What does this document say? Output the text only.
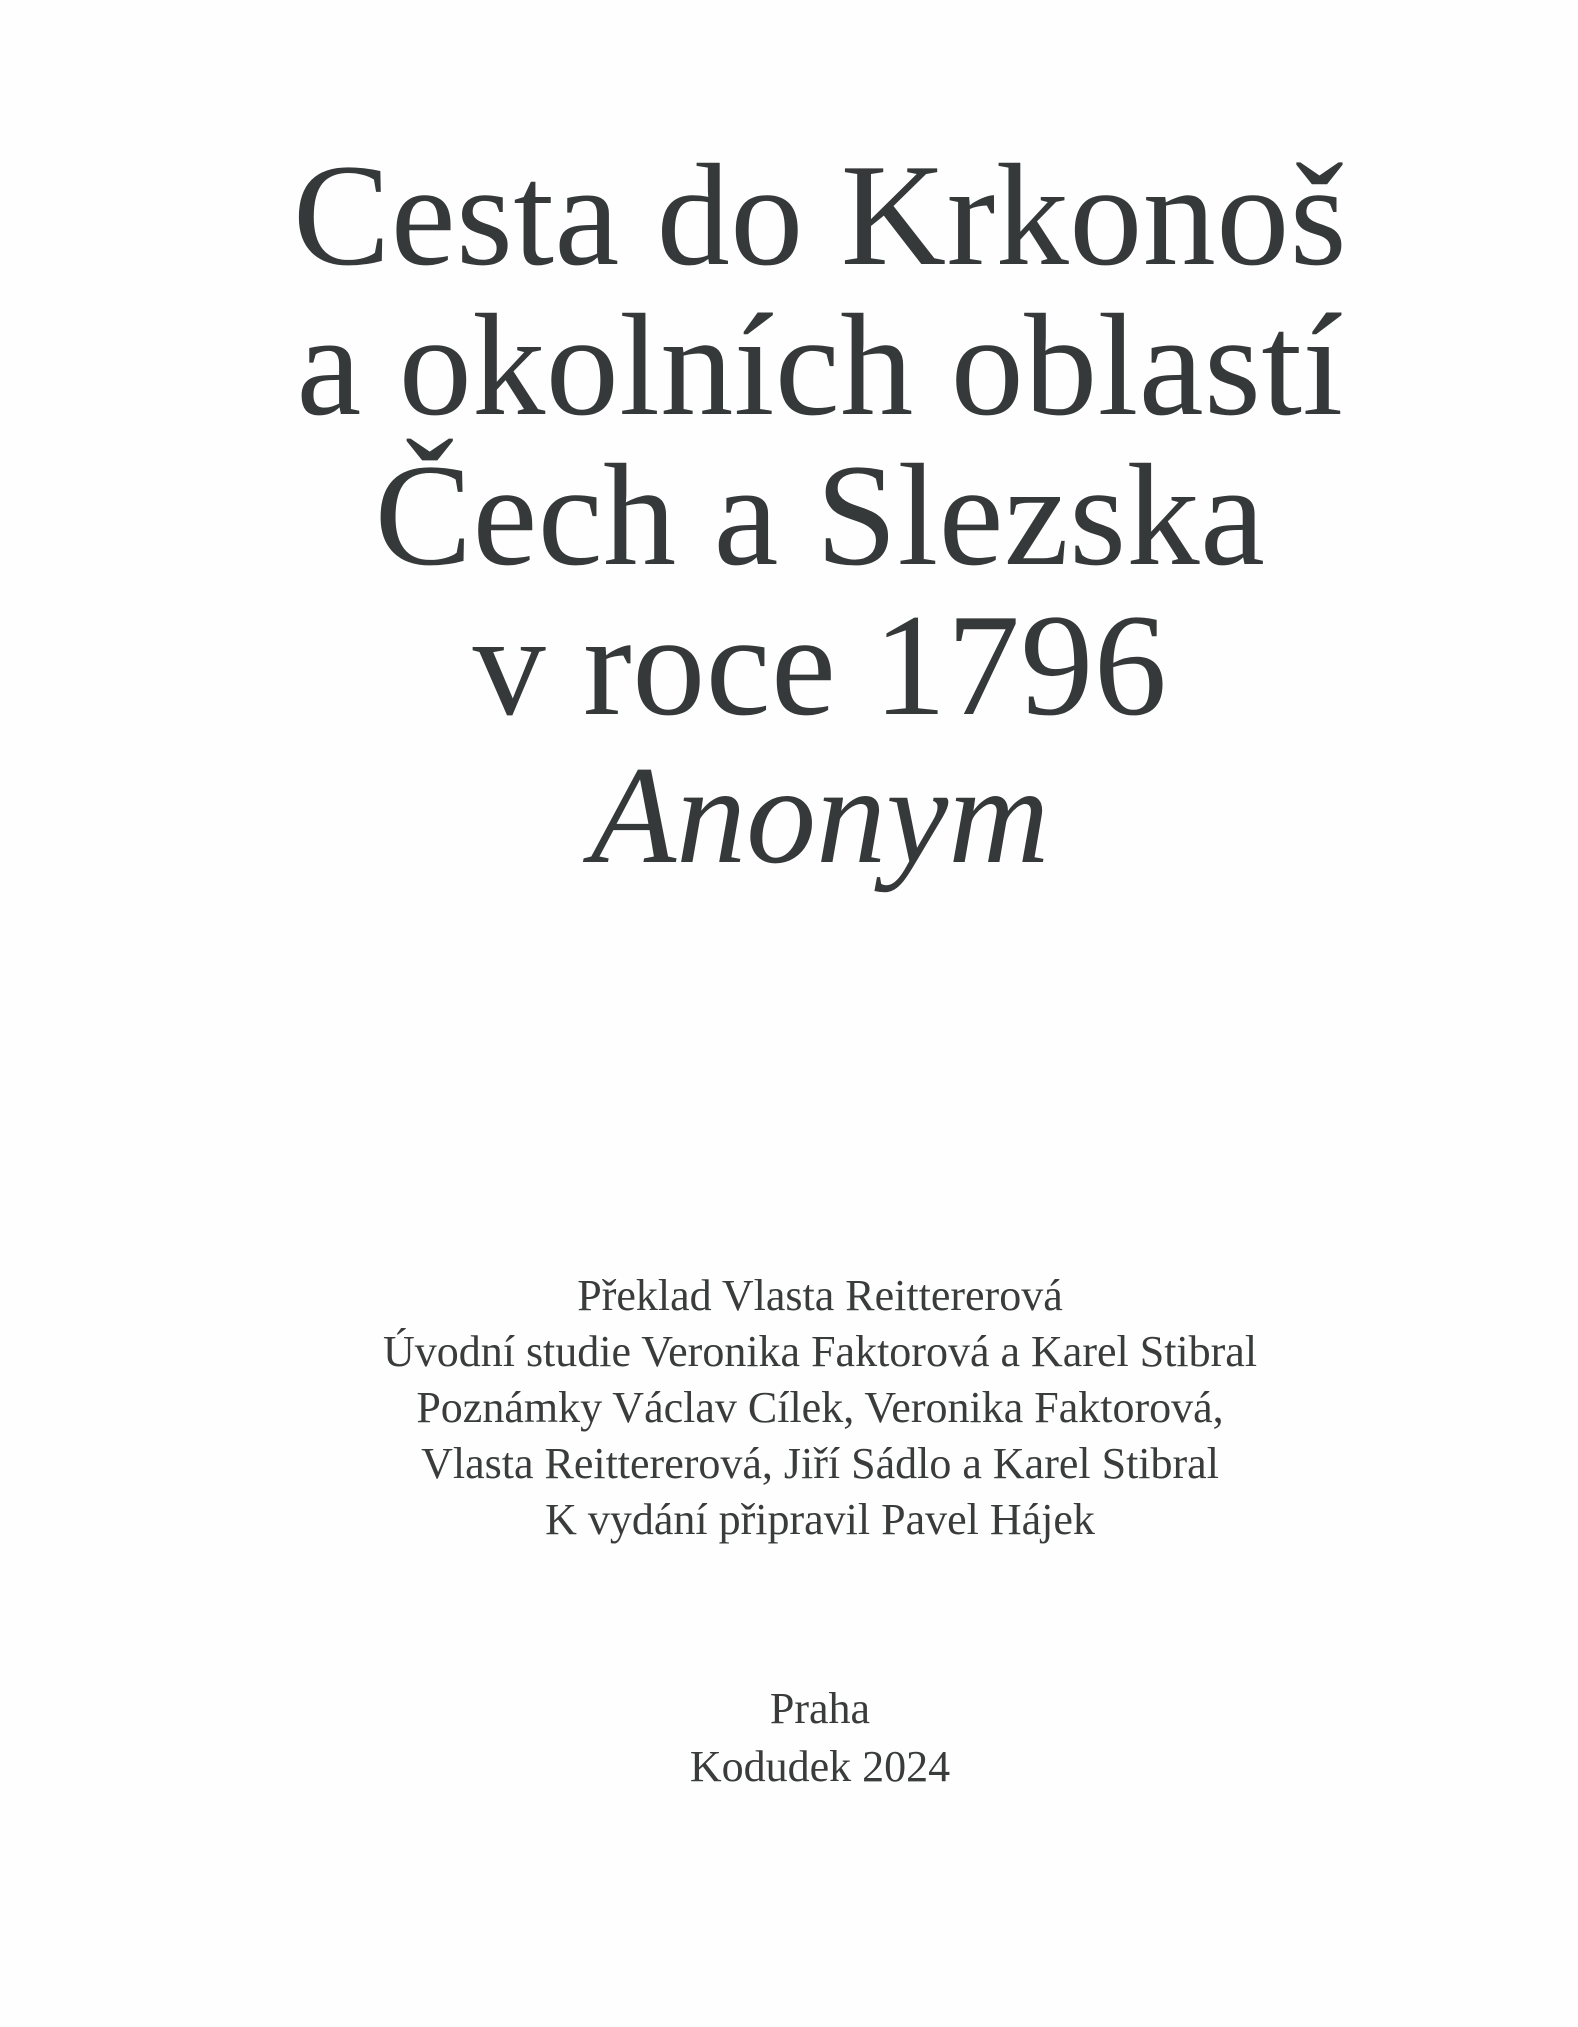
Cesta do Krkonoš
a okolních oblastí
Čech a Slezska
v roce 1796
Anonym
Překlad Vlasta Reittererová
Úvodní studie Veronika Faktorová a Karel Stibral
Poznámky Václav Cílek, Veronika Faktorová,
Vlasta Reittererová, Jiří Sádlo a Karel Stibral
K vydání připravil Pavel Hájek
Praha
Kodudek 2024
